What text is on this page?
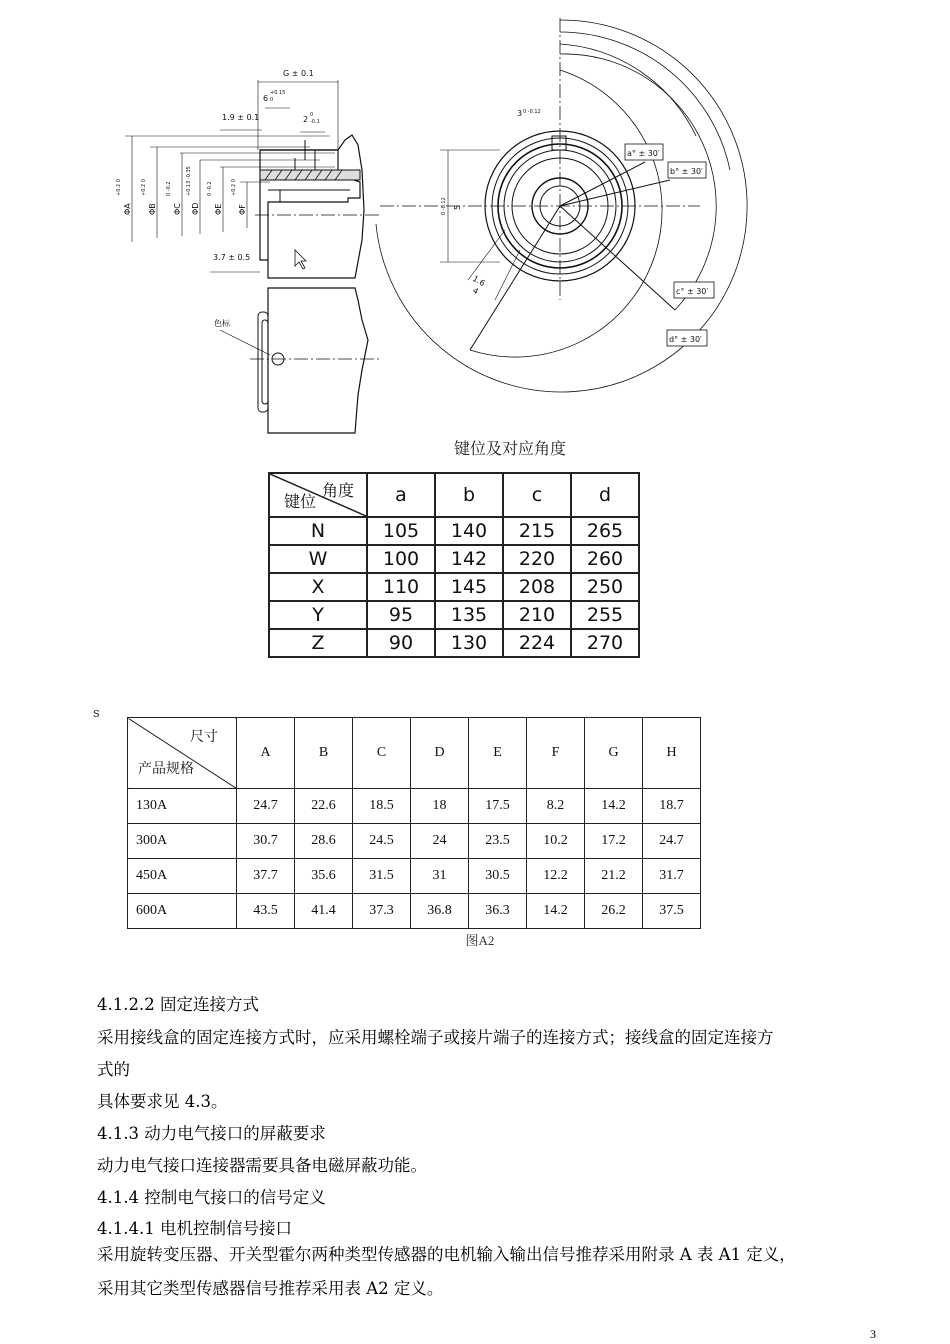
G ± 0.1
6
+0.15
0
1.9 ± 0.1	2 0
-0.1
3.7 ± 0.5
ΦA
+0.2 0
ΦB
+0.2 0
ΦC
0 -0.2
ΦD
+0.13 -0.35
ΦE
0 -0.2
ΦF
+0.2 0
色标
a° ± 30′
b° ± 30′
c° ± 30′
d° ± 30′
3 0 -0.12
5
0 -0.12
1.6
4
键位及对应角度
角度
键位	a	b	c	d
N	105	140	215	265
W	100	142	220	260
X	110	145	208	250
Y	95	135	210	255
Z	90	130	224	270
s
尺寸
产品规格	A	B	C	D	E	F	G	H
130A	24.7	22.6	18.5	18	17.5	8.2	14.2	18.7
300A	30.7	28.6	24.5	24	23.5	10.2	17.2	24.7
450A	37.7	35.6	31.5	31	30.5	12.2	21.2	31.7
600A	43.5	41.4	37.3	36.8	36.3	14.2	26.2	37.5
图A2
4.1.2.2 固定连接方式
采用接线盒的固定连接方式时，应采用螺栓端子或接片端子的连接方式；接线盒的固定连接方
式的
具体要求见 4.3。
4.1.3 动力电气接口的屏蔽要求
动力电气接口连接器需要具备电磁屏蔽功能。
4.1.4 控制电气接口的信号定义
4.1.4.1 电机控制信号接口
采用旋转变压器、开关型霍尔两种类型传感器的电机输入输出信号推荐采用附录 A 表 A1 定义，
采用其它类型传感器信号推荐采用表 A2 定义。
3
